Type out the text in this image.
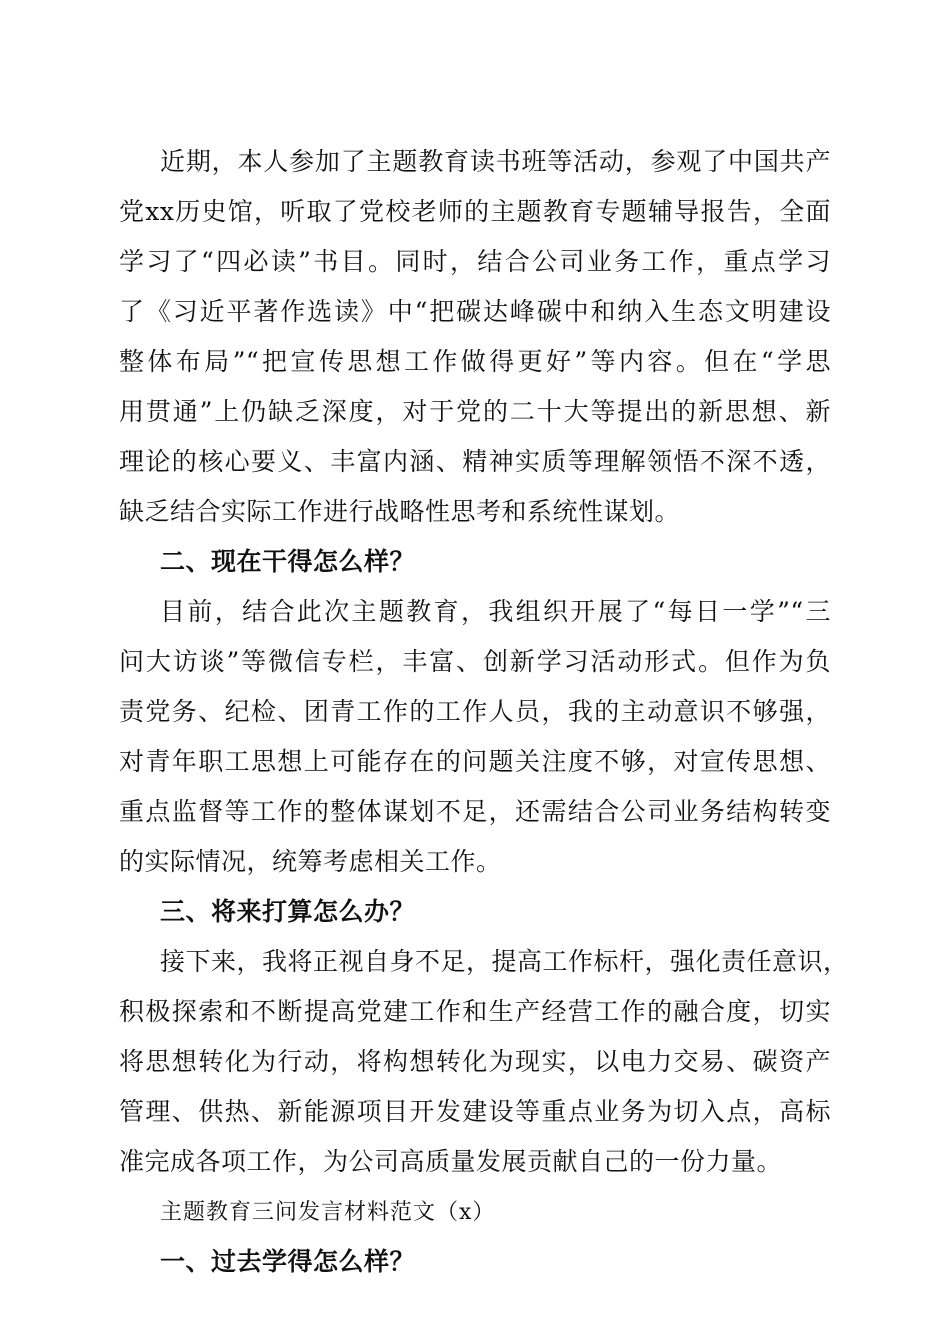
近期，本人参加了主题教育读书班等活动，参观了中国共产
党xx历史馆，听取了党校老师的主题教育专题辅导报告，全面
学习了“四必读”书目。同时，结合公司业务工作，重点学习
了《习近平著作选读》中“把碳达峰碳中和纳入生态文明建设
整体布局”“把宣传思想工作做得更好”等内容。但在“学思
用贯通”上仍缺乏深度，对于党的二十大等提出的新思想、新
理论的核心要义、丰富内涵、精神实质等理解领悟不深不透，
缺乏结合实际工作进行战略性思考和系统性谋划。
二、现在干得怎么样？
目前，结合此次主题教育，我组织开展了“每日一学”“三
问大访谈”等微信专栏，丰富、创新学习活动形式。但作为负
责党务、纪检、团青工作的工作人员，我的主动意识不够强，
对青年职工思想上可能存在的问题关注度不够，对宣传思想、
重点监督等工作的整体谋划不足，还需结合公司业务结构转变
的实际情况，统筹考虑相关工作。
三、将来打算怎么办？
接下来，我将正视自身不足，提高工作标杆，强化责任意识，
积极探索和不断提高党建工作和生产经营工作的融合度，切实
将思想转化为行动，将构想转化为现实，以电力交易、碳资产
管理、供热、新能源项目开发建设等重点业务为切入点，高标
准完成各项工作，为公司高质量发展贡献自己的一份力量。
主题教育三问发言材料范文（x）
一、过去学得怎么样？
